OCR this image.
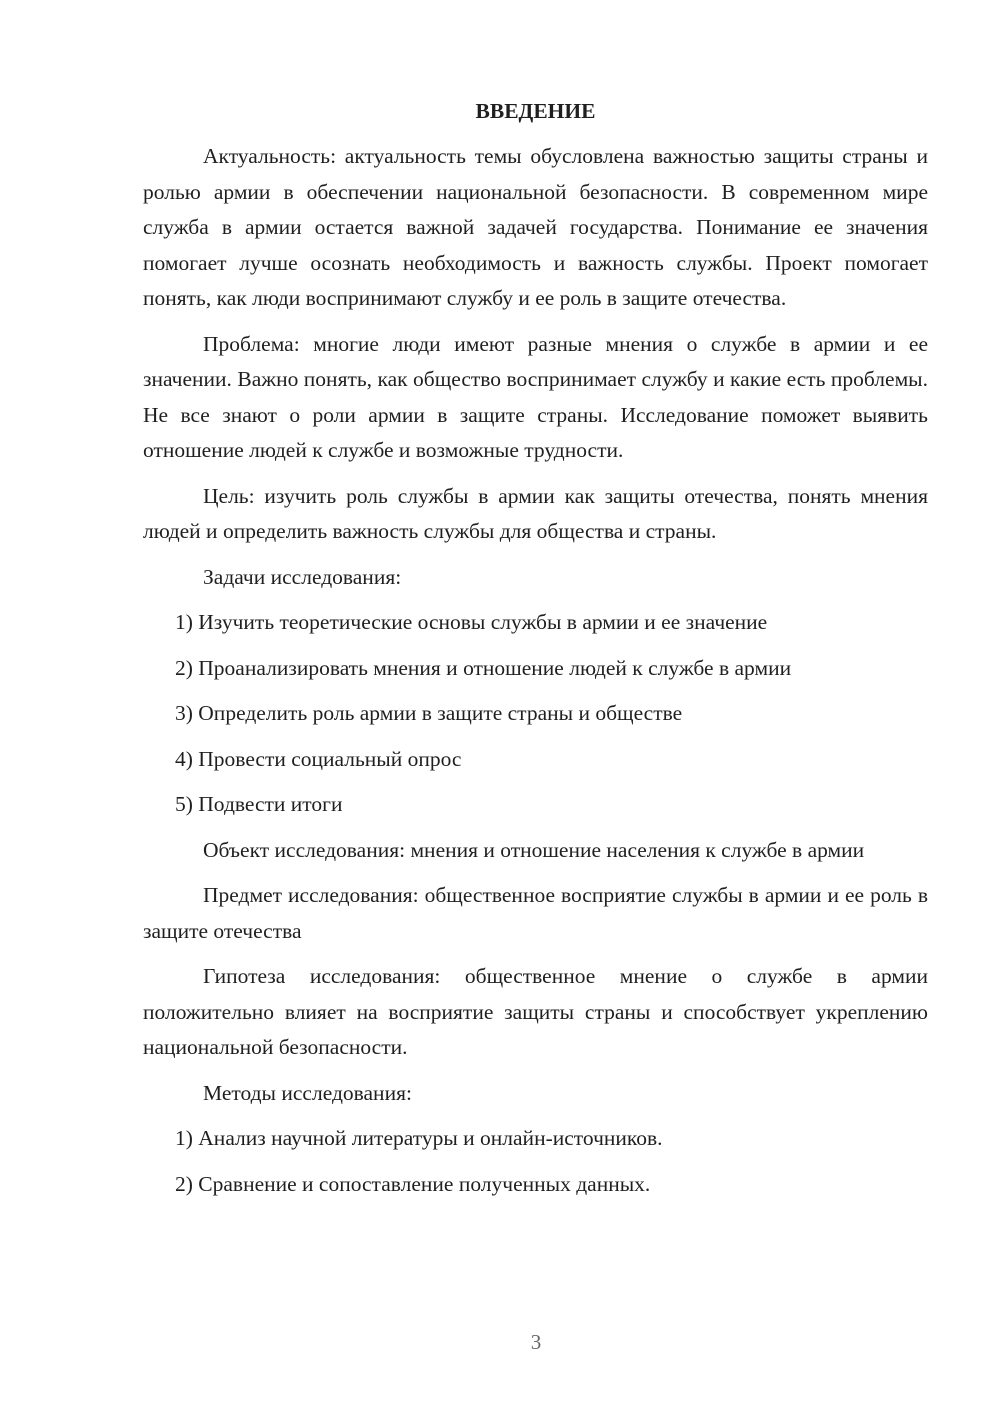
ВВЕДЕНИЕ
Актуальность: актуальность темы обусловлена важностью защиты страны и ролью армии в обеспечении национальной безопасности. В современном мире служба в армии остается важной задачей государства. Понимание ее значения помогает лучше осознать необходимость и важность службы. Проект помогает понять, как люди воспринимают службу и ее роль в защите отечества.
Проблема: многие люди имеют разные мнения о службе в армии и ее значении. Важно понять, как общество воспринимает службу и какие есть проблемы. Не все знают о роли армии в защите страны. Исследование поможет выявить отношение людей к службе и возможные трудности.
Цель: изучить роль службы в армии как защиты отечества, понять мнения людей и определить важность службы для общества и страны.
Задачи исследования:
1) Изучить теоретические основы службы в армии и ее значение
2) Проанализировать мнения и отношение людей к службе в армии
3) Определить роль армии в защите страны и обществе
4) Провести социальный опрос
5) Подвести итоги
Объект исследования: мнения и отношение населения к службе в армии
Предмет исследования: общественное восприятие службы в армии и ее роль в защите отечества
Гипотеза исследования: общественное мнение о службе в армии положительно влияет на восприятие защиты страны и способствует укреплению национальной безопасности.
Методы исследования:
1) Анализ научной литературы и онлайн-источников.
2) Сравнение и сопоставление полученных данных.
3
